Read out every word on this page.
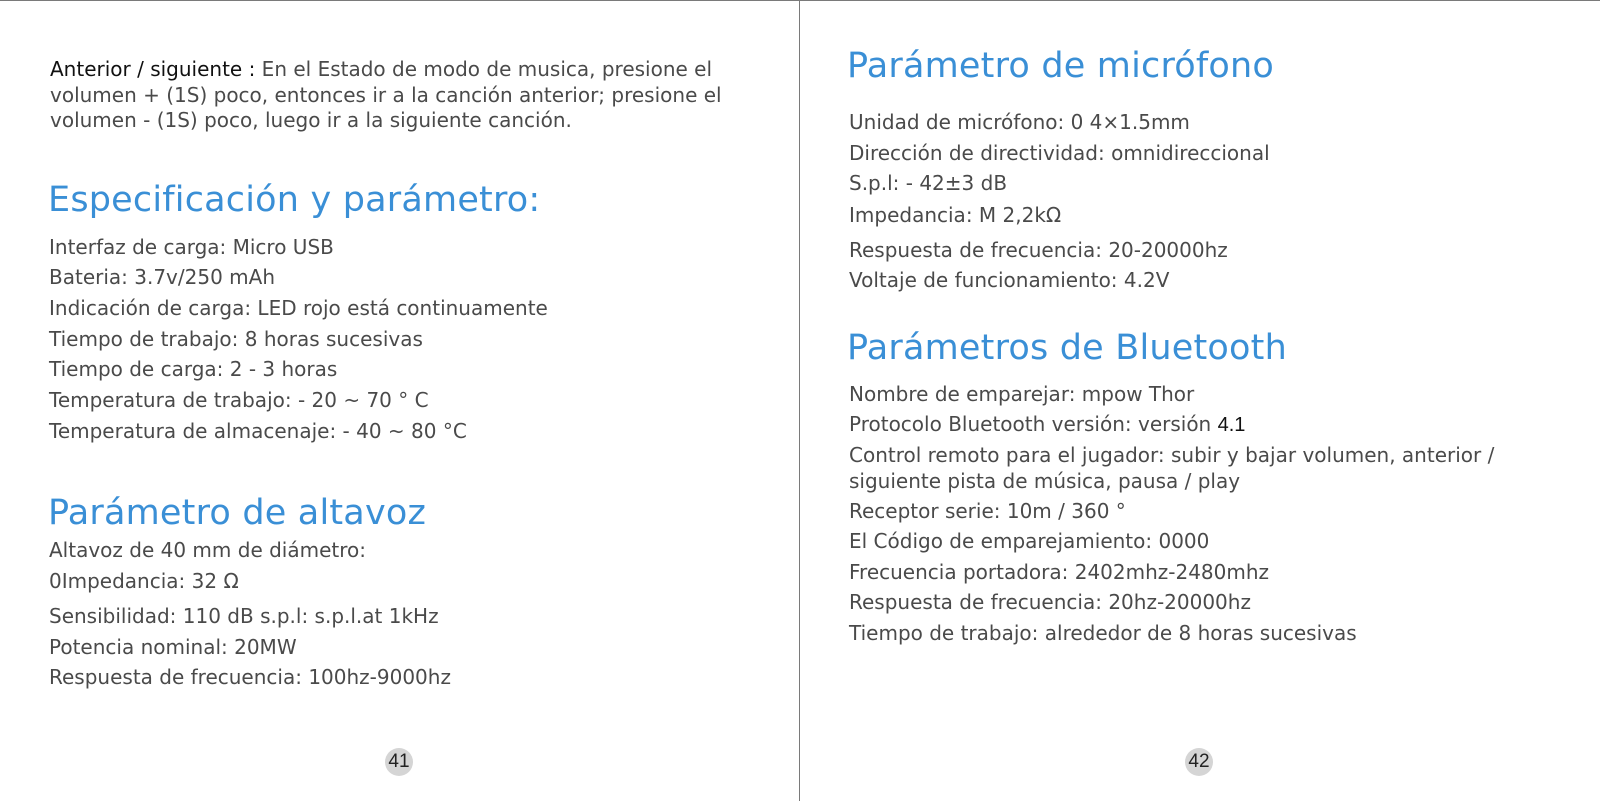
Anterior / siguiente : En el Estado de modo de musica, presione el volumen + (1S) poco, entonces ir a la canción anterior; presione el volumen - (1S) poco, luego ir a la siguiente canción.

Especificación y parámetro:

Interfaz de carga: Micro USB

Bateria: 3.7v/250 mAh

Indicación de carga: LED rojo está continuamente

Tiempo de trabajo: 8 horas sucesivas

Tiempo de carga: 2 - 3 horas

Temperatura de trabajo: - 20 ~ 70 ° C

Temperatura de almacenaje: - 40 ~ 80 °C

Parámetro de altavoz

Altavoz de 40 mm de diámetro:

0Impedancia: 32 Ω

Sensibilidad: 110 dB s.p.l: s.p.l.at 1kHz

Potencia nominal: 20MW

Respuesta de frecuencia: 100hz-9000hz

41
Parámetro de micrófono

Unidad de micrófono: 0 4×1.5mm

Dirección de directividad: omnidireccional

S.p.l: - 42±3 dB

Impedancia: M 2,2kΩ

Respuesta de frecuencia: 20-20000hz

Voltaje de funcionamiento: 4.2V

Parámetros de Bluetooth

Nombre de emparejar: mpow Thor

Protocolo Bluetooth versión: versión 4.1

Control remoto para el jugador: subir y bajar volumen, anterior / siguiente pista de música, pausa / play

Receptor serie: 10m / 360 °

El Código de emparejamiento: 0000

Frecuencia portadora: 2402mhz-2480mhz

Respuesta de frecuencia: 20hz-20000hz

Tiempo de trabajo: alrededor de 8 horas sucesivas

42
